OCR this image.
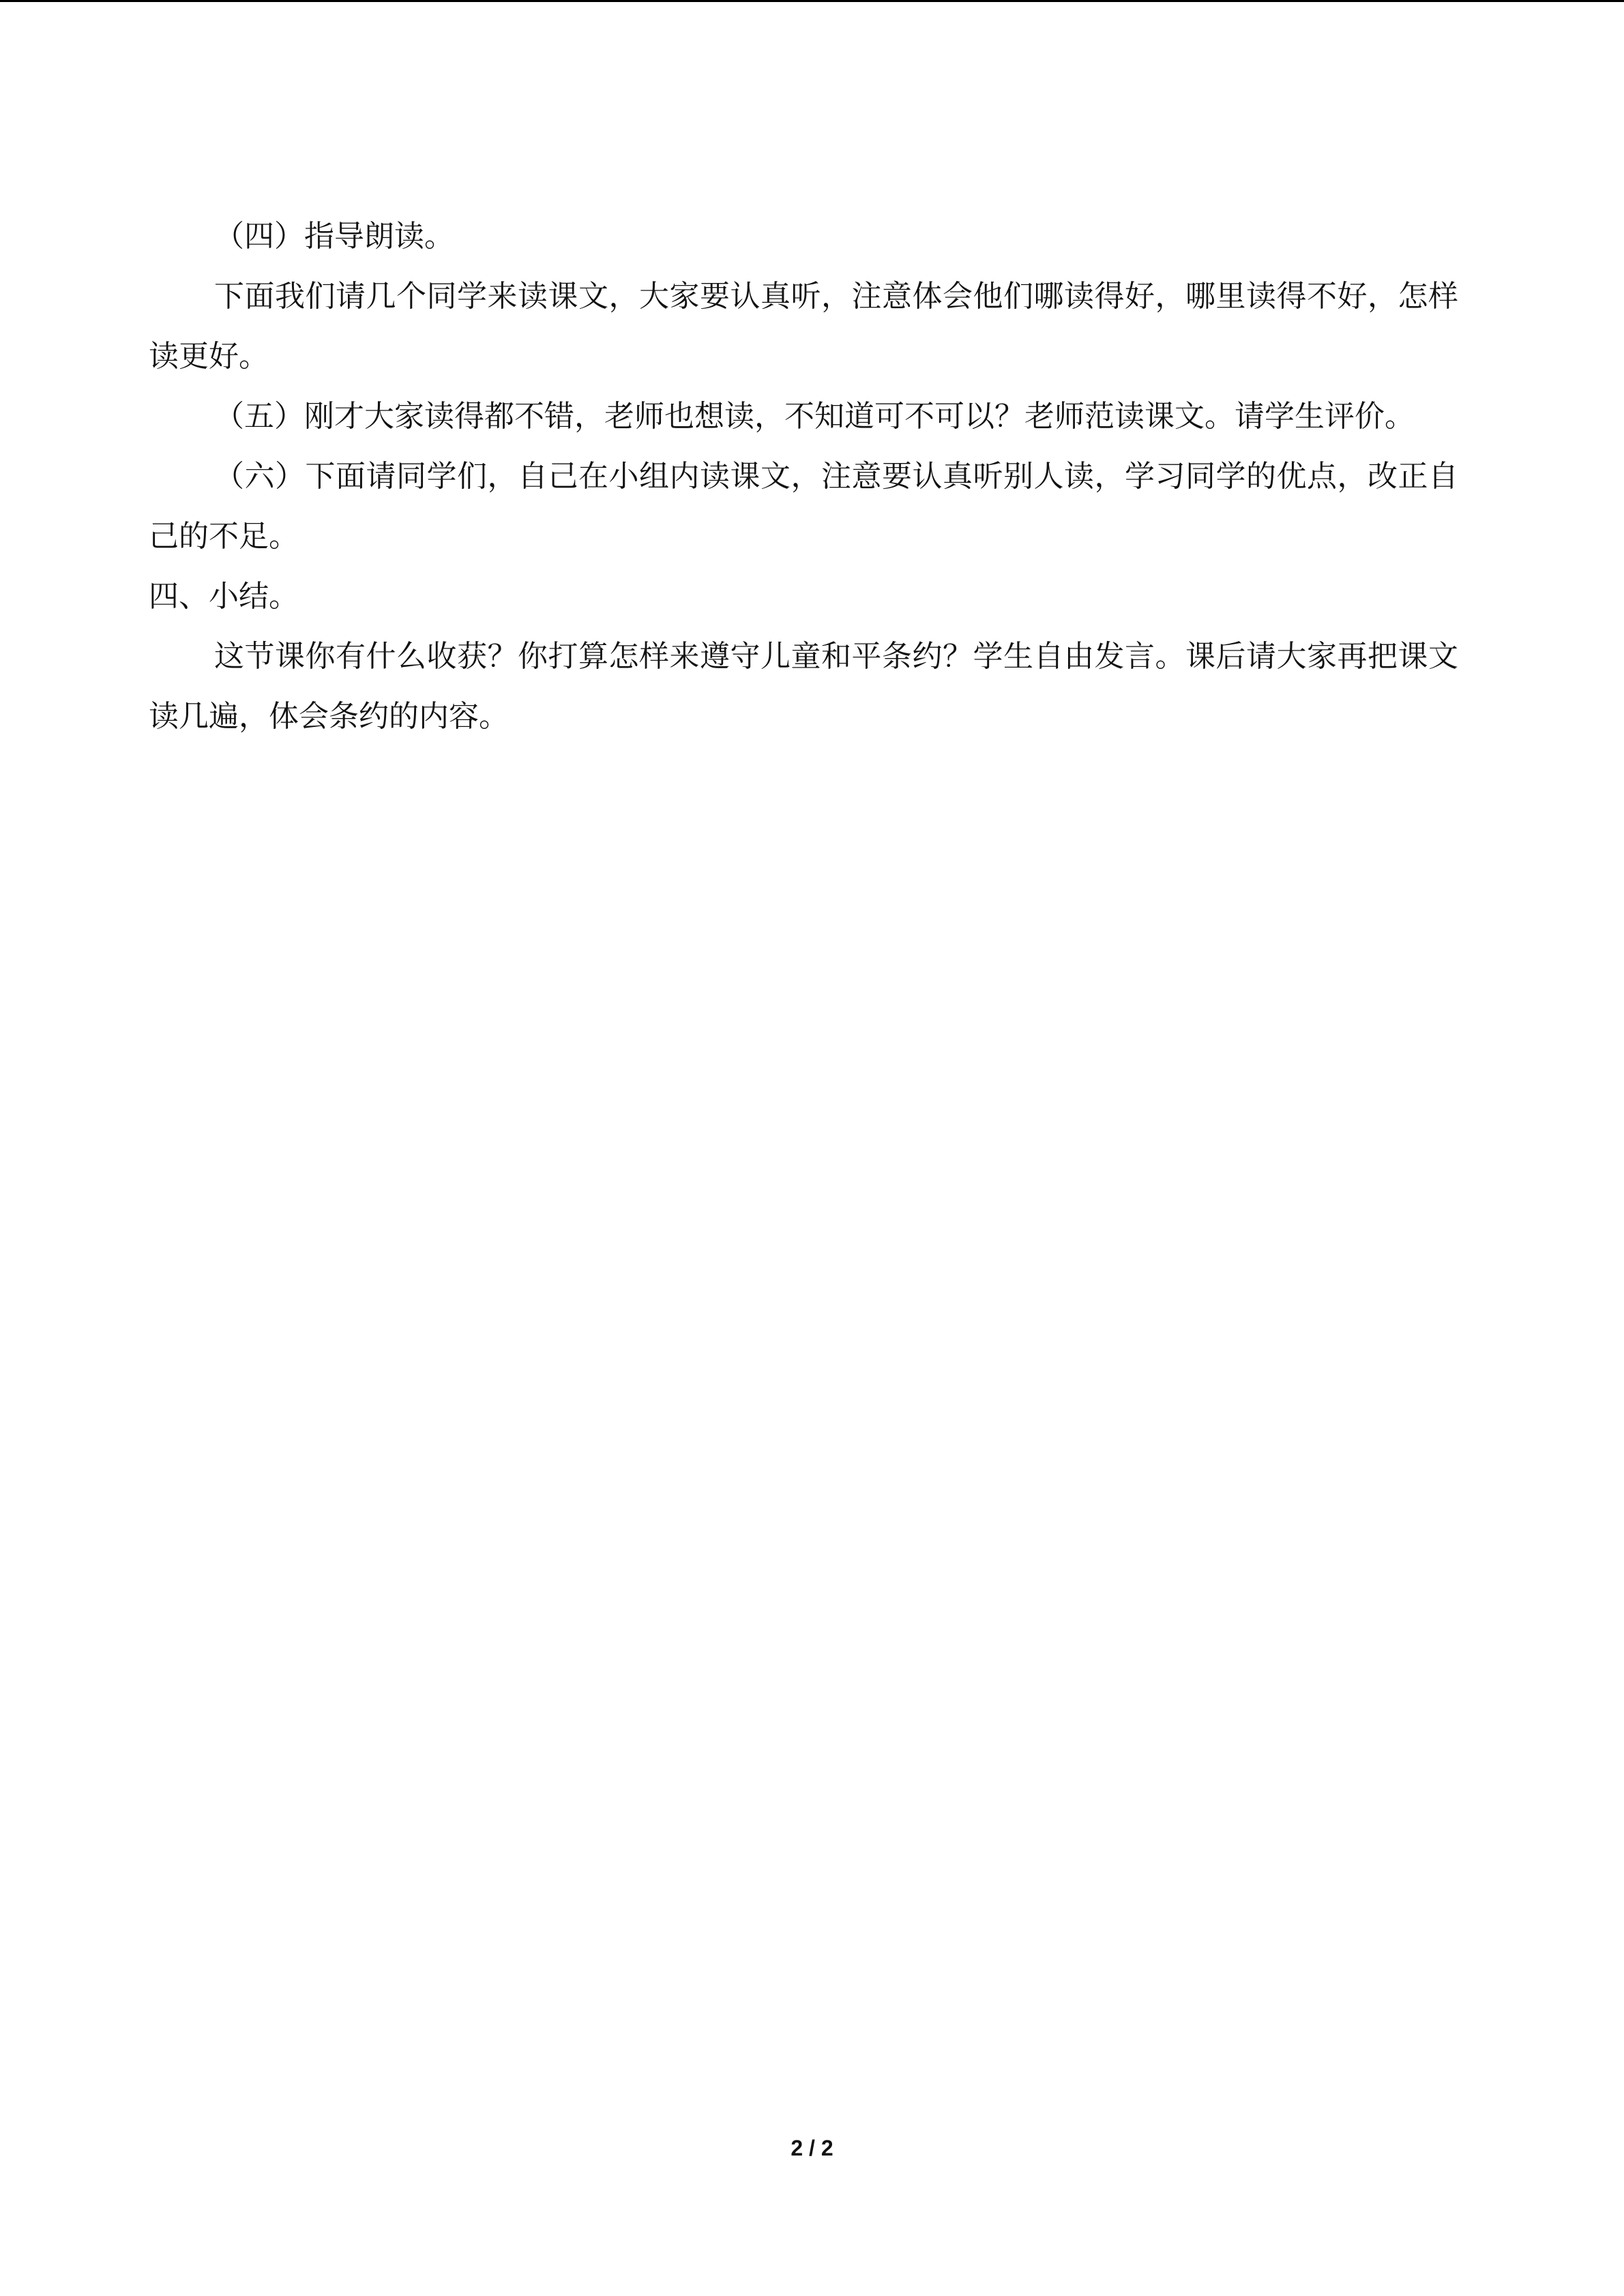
（四）指导朗读。

下面我们请几个同学来读课文，大家要认真听，注意体会他们哪读得好，哪里读得不好，怎样读更好。

（五）刚才大家读得都不错，老师也想读，不知道可不可以？老师范读课文。请学生评价。

（六）下面请同学们，自己在小组内读课文，注意要认真听别人读，学习同学的优点，改正自己的不足。

四、小结。

这节课你有什么收获？你打算怎样来遵守儿童和平条约？学生自由发言。课后请大家再把课文读几遍，体会条约的内容。

2 / 2
